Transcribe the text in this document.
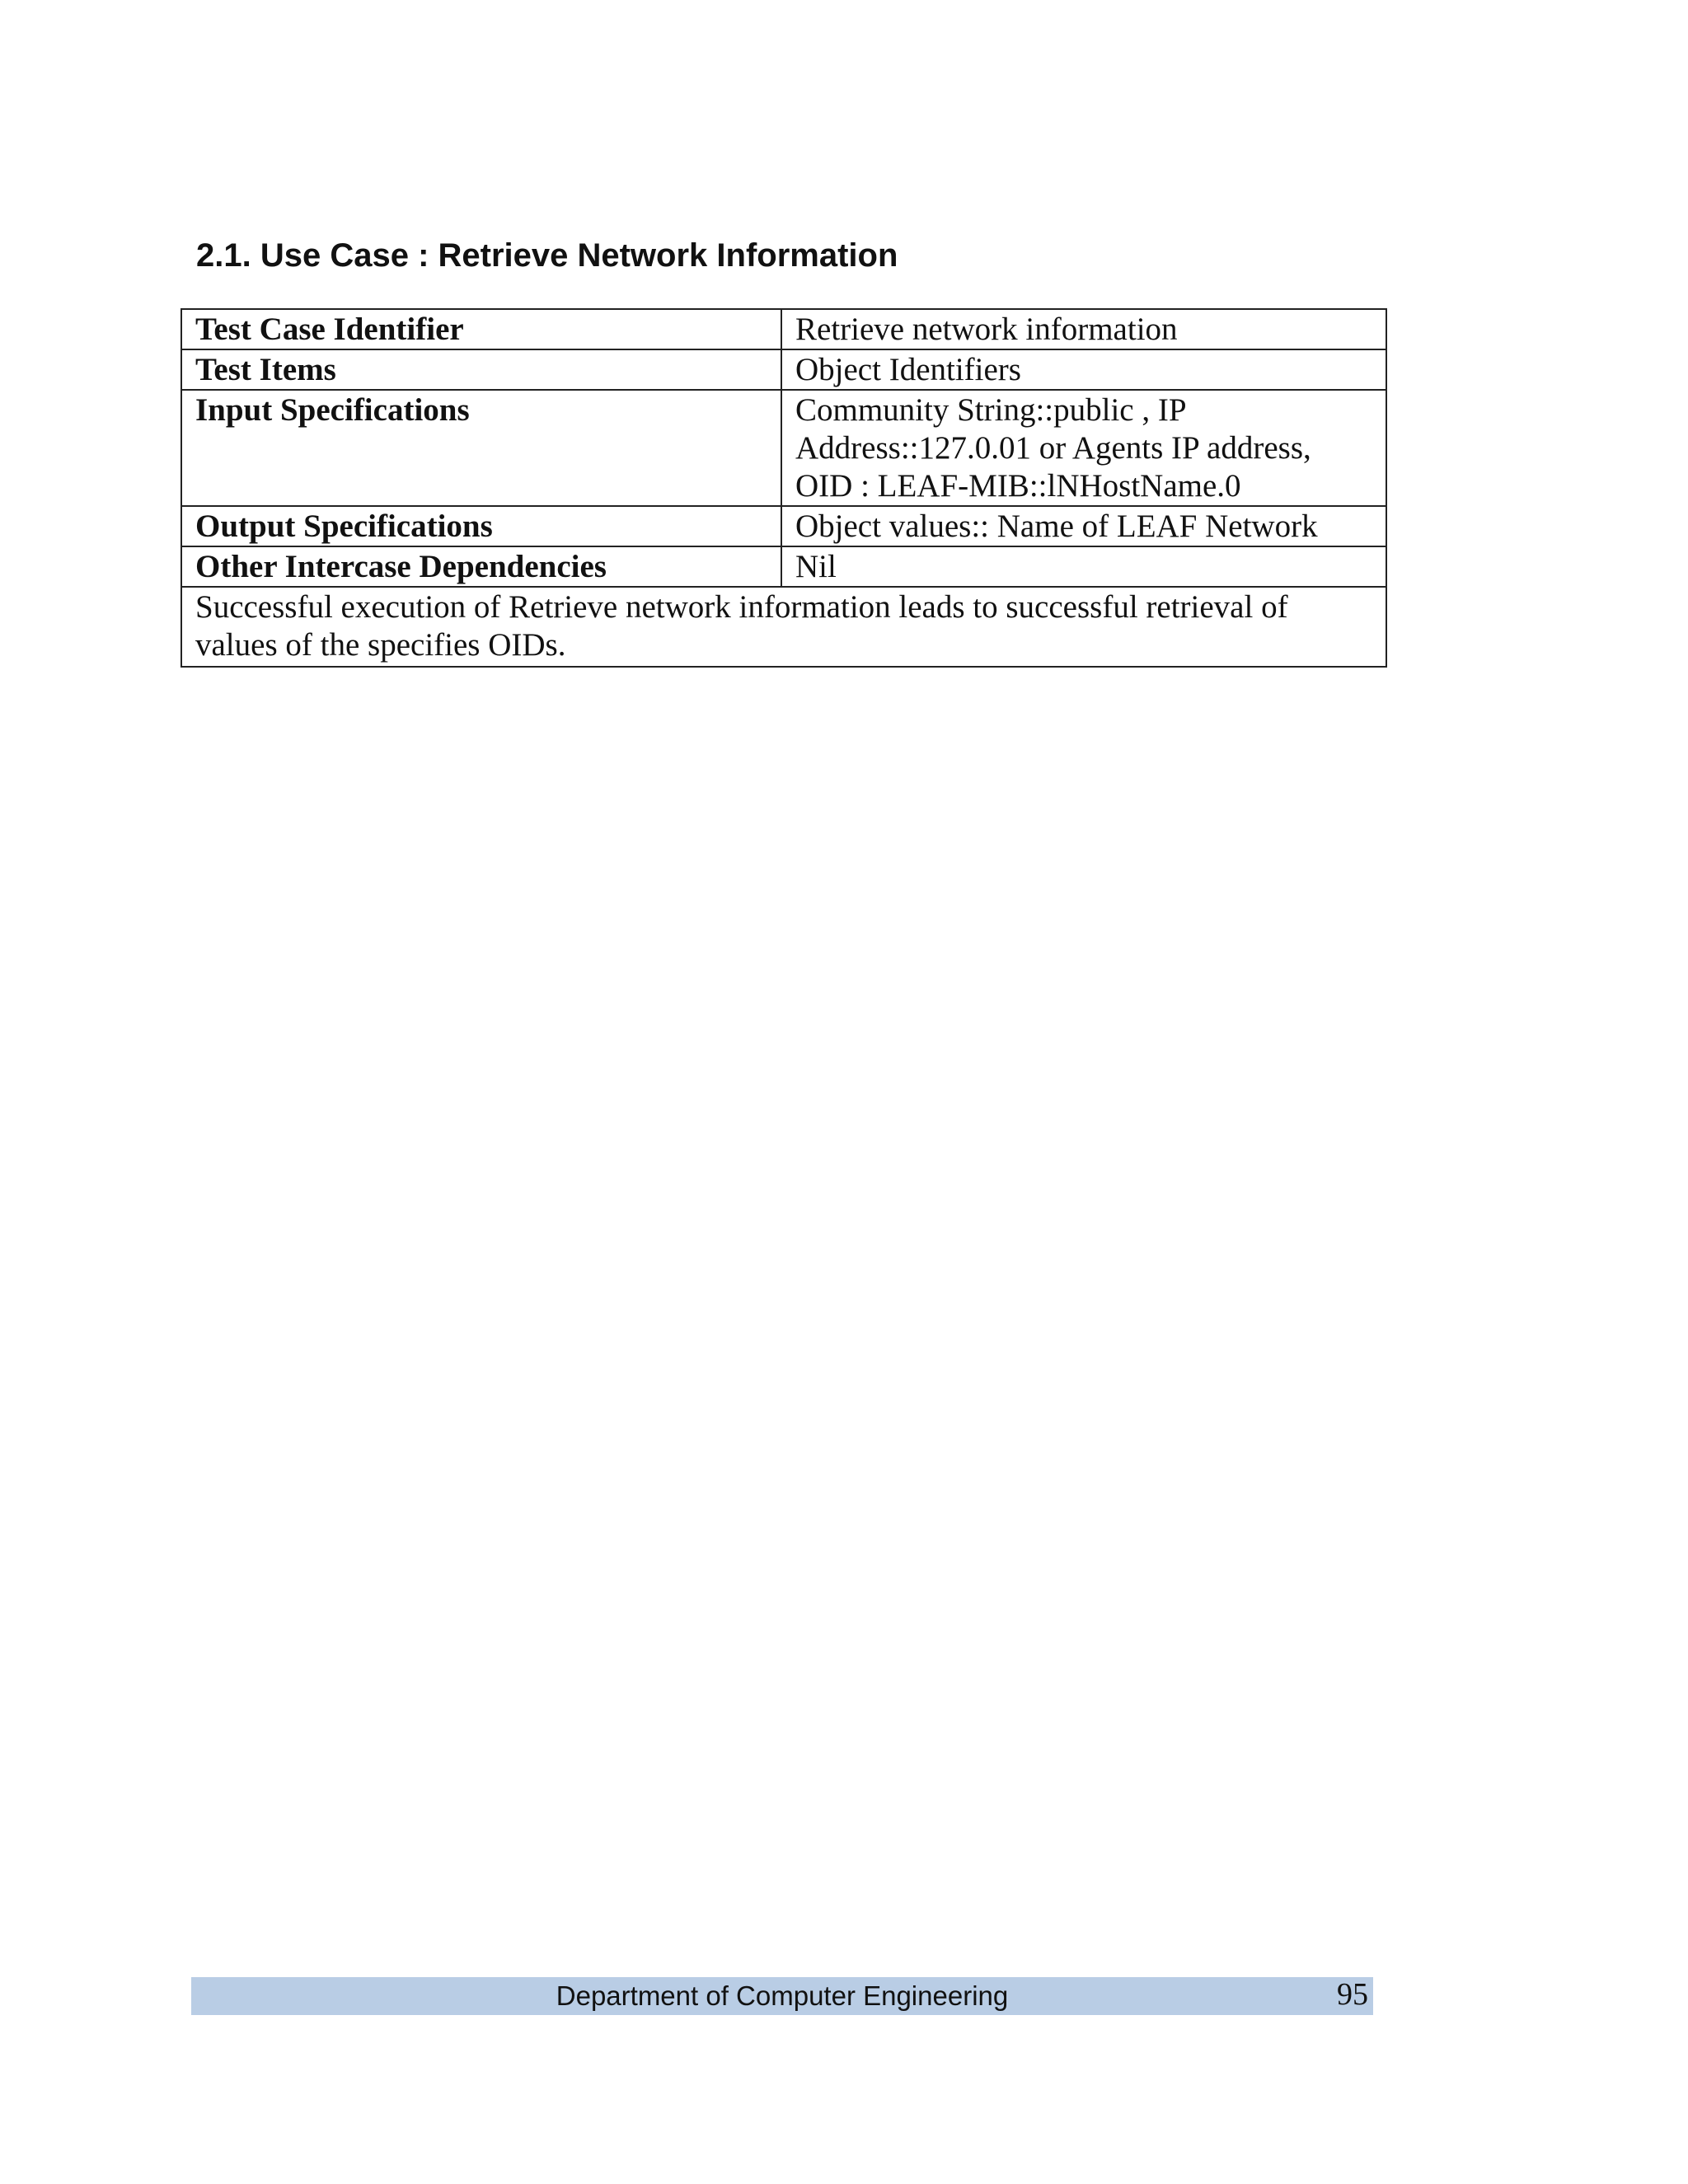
2.1. Use Case : Retrieve Network Information
Test Case Identifier	Retrieve network information
Test Items	Object Identifiers
Input Specifications	Community String::public , IP Address::127.0.01 or Agents IP address, OID : LEAF-MIB::lNHostName.0
Output Specifications	Object values:: Name of LEAF Network
Other Intercase Dependencies	Nil
Successful execution of Retrieve network information leads to successful retrieval of values of the specifies OIDs.	
Department of Computer Engineering	95
